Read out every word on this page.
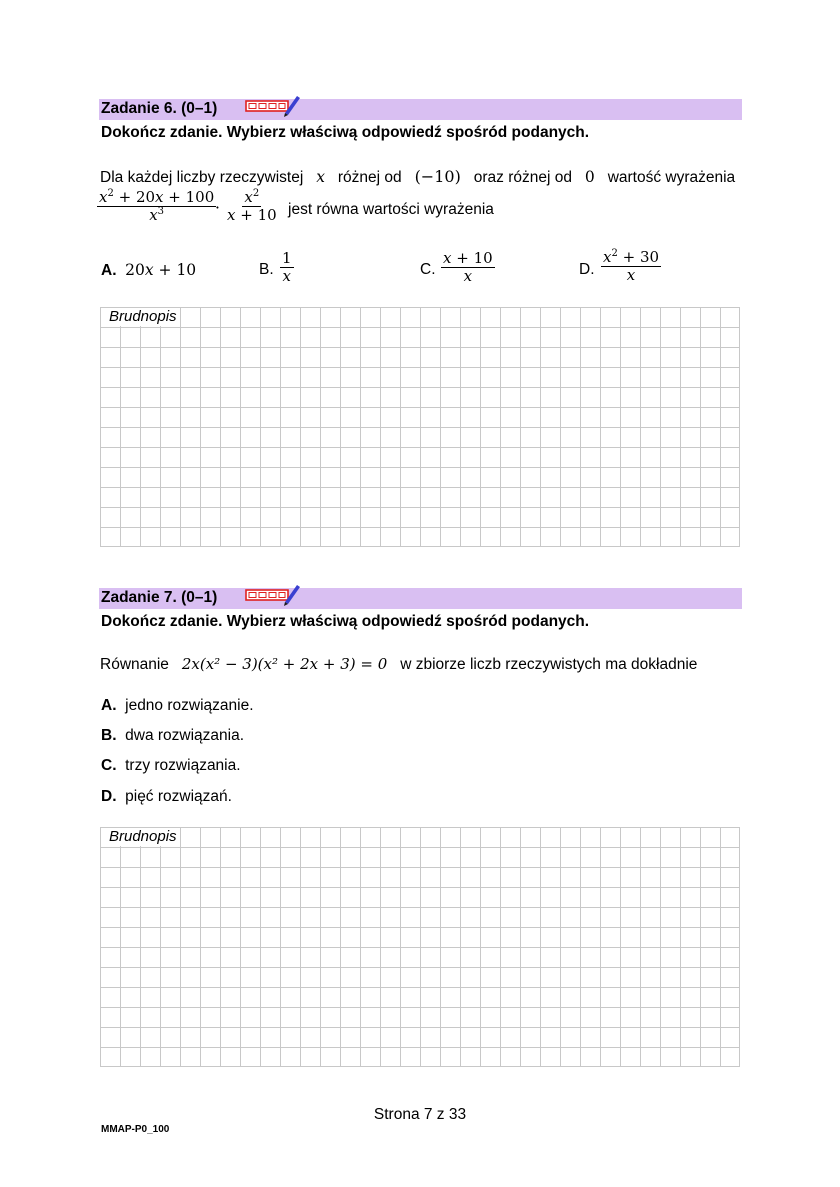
Zadanie 6. (0–1)
Dokończ zdanie. Wybierz właściwą odpowiedź spośród podanych.
Dla każdej liczby rzeczywistej x różnej od (−10) oraz różnej od 0 wartość wyrażenia
$\frac{x^2 + 20x + 100}{x^3}$
· $\frac{x^2}{x + 10}$ jest równa wartości wyrażenia
A. 20x + 10	B. $\frac{1}{x}$	C. $\frac{x + 10}{x}$	D. $\frac{x^2 + 30}{x}$
Brudnopis
Zadanie 7. (0–1)
Dokończ zdanie. Wybierz właściwą odpowiedź spośród podanych.
Równanie 2x(x² − 3)(x² + 2x + 3) = 0 w zbiorze liczb rzeczywistych ma dokładnie
A. jedno rozwiązanie.
B. dwa rozwiązania.
C. trzy rozwiązania.
D. pięć rozwiązań.
Brudnopis
Strona 7 z 33
MMAP-P0_100
